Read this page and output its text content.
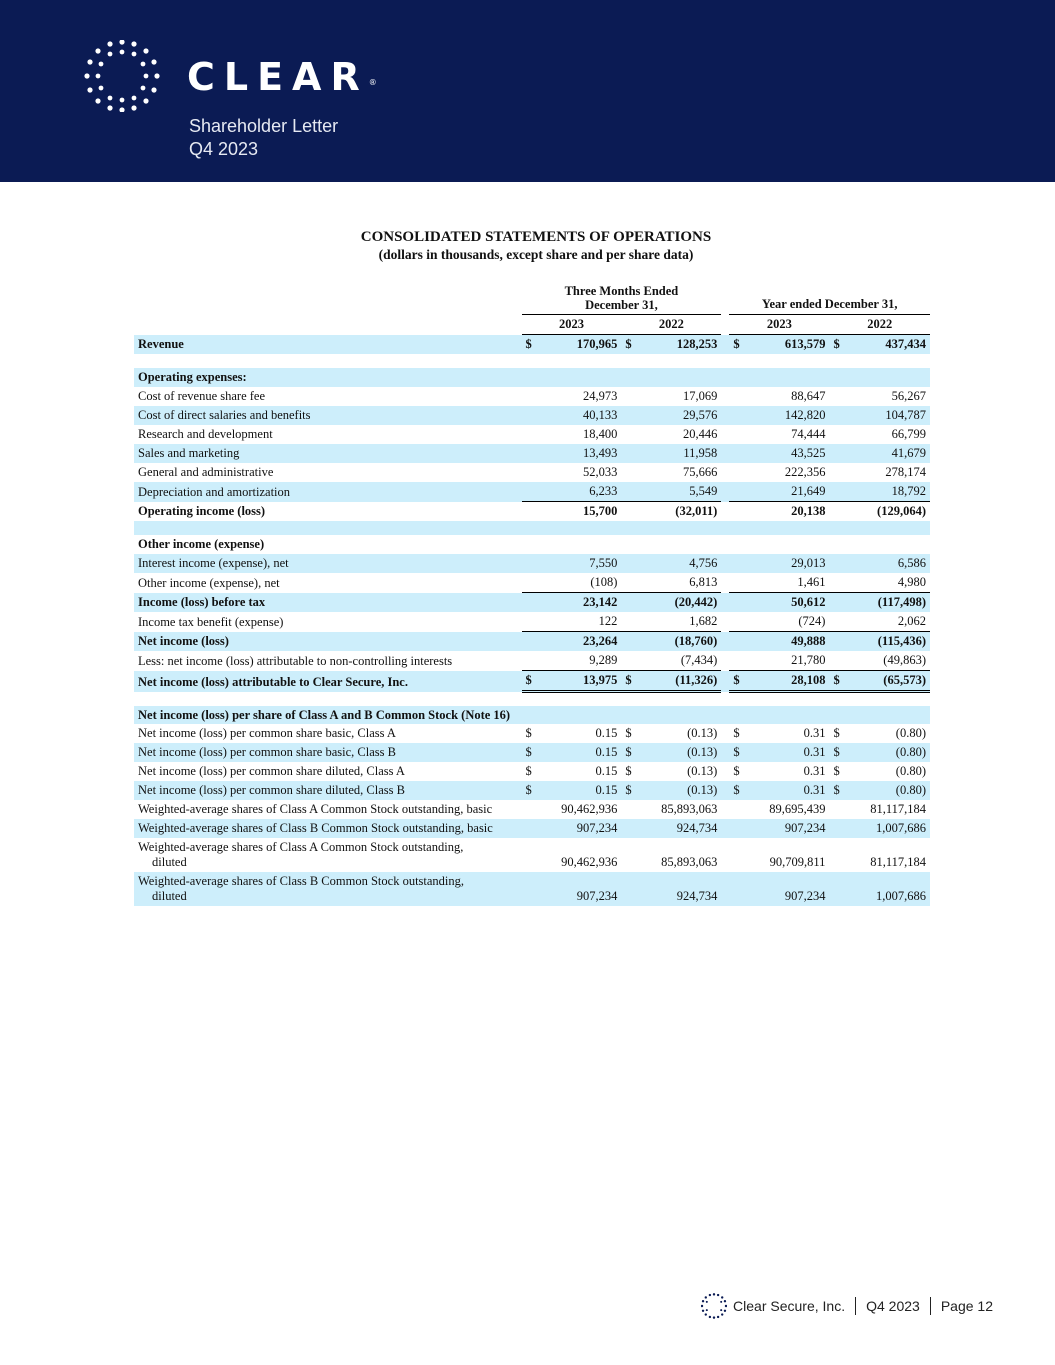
CLEAR®
Shareholder Letter
Q4 2023
CONSOLIDATED STATEMENTS OF OPERATIONS
(dollars in thousands, except share and per share data)

	Three Months Ended
December 31,					Year ended December 31,			
	2023		2022			2023		2022	
Revenue	$	170,965	$	128,253		$	613,579	$	437,434

Operating expenses:									
Cost of revenue share fee		24,973		17,069			88,647		56,267
Cost of direct salaries and benefits		40,133		29,576			142,820		104,787
Research and development		18,400		20,446			74,444		66,799
Sales and marketing		13,493		11,958			43,525		41,679
General and administrative		52,033		75,666			222,356		278,174
Depreciation and amortization		6,233		5,549			21,649		18,792
Operating income (loss)		15,700		(32,011)			20,138		(129,064)

Other income (expense)									
Interest income (expense), net		7,550		4,756			29,013		6,586
Other income (expense), net		(108)		6,813			1,461		4,980
Income (loss) before tax		23,142		(20,442)			50,612		(117,498)
Income tax benefit (expense)		122		1,682			(724)		2,062
Net income (loss)		23,264		(18,760)			49,888		(115,436)
Less: net income (loss) attributable to non-controlling interests		9,289		(7,434)			21,780		(49,863)
Net income (loss) attributable to Clear Secure, Inc.	$	13,975	$	(11,326)		$	28,108	$	(65,573)

Net income (loss) per share of Class A and B Common Stock (Note 16)									
Net income (loss) per common share basic, Class A	$	0.15	$	(0.13)		$	0.31	$	(0.80)
Net income (loss) per common share basic, Class B	$	0.15	$	(0.13)		$	0.31	$	(0.80)
Net income (loss) per common share diluted, Class A	$	0.15	$	(0.13)		$	0.31	$	(0.80)
Net income (loss) per common share diluted, Class B	$	0.15	$	(0.13)		$	0.31	$	(0.80)
Weighted-average shares of Class A Common Stock outstanding, basic	90,462,936		85,893,063			89,695,439		81,117,184	
Weighted-average shares of Class B Common Stock outstanding, basic	907,234		924,734			907,234		1,007,686	

Weighted-average shares of Class A Common Stock outstanding,
diluted	90,462,936		85,893,063			90,709,811		81,117,184	

Weighted-average shares of Class B Common Stock outstanding,
diluted	907,234		924,734			907,234		1,007,686	
Clear Secure, Inc. Q4 2023 Page 12
